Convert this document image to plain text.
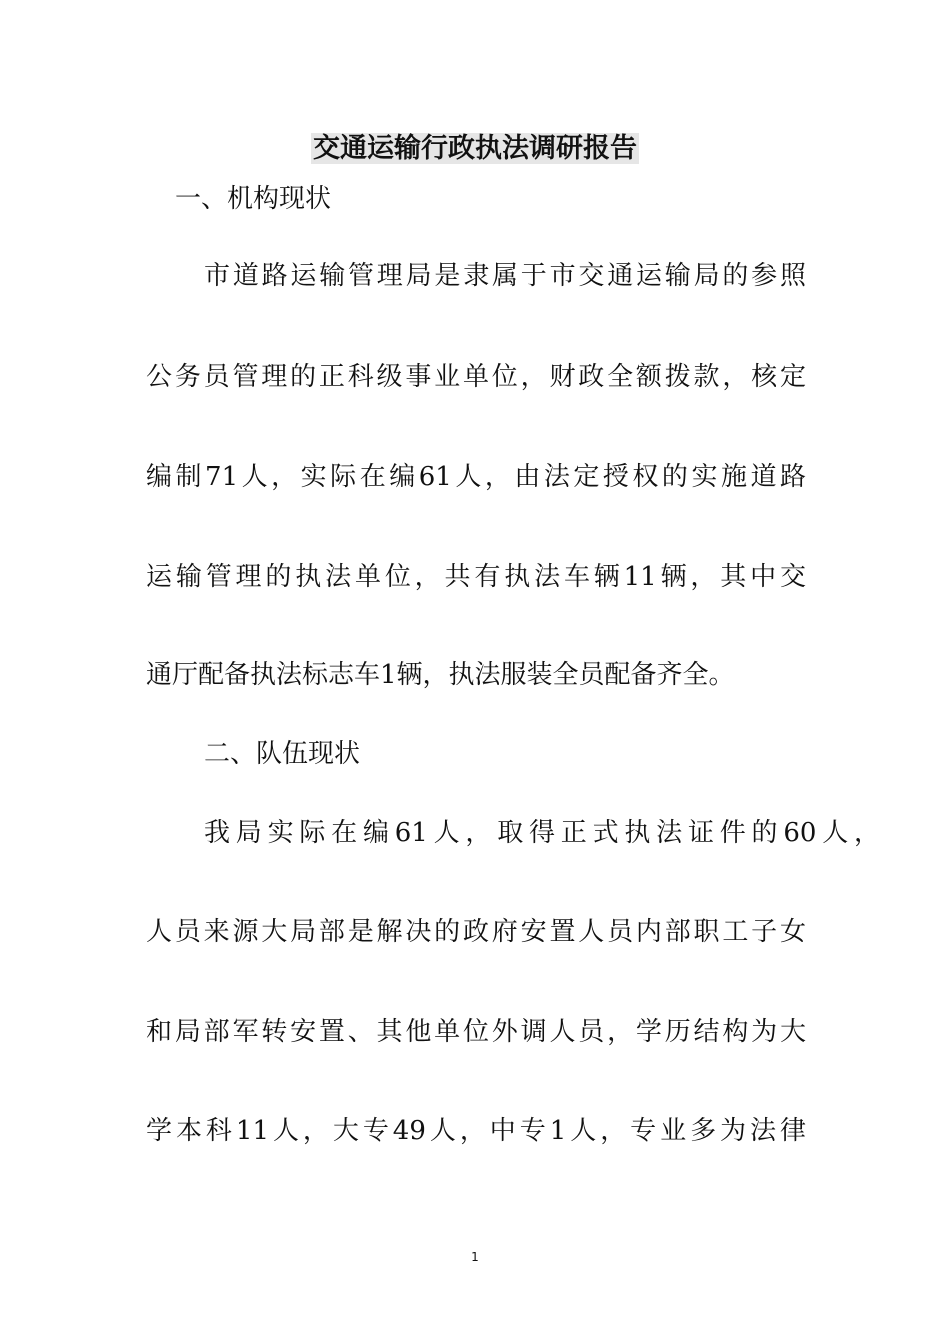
交通运输行政执法调研报告
一、机构现状
市道路运输管理局是隶属于市交通运输局的参照
公务员管理的正科级事业单位，财政全额拨款，核定
编制71人，实际在编61人，由法定授权的实施道路
运输管理的执法单位，共有执法车辆11辆，其中交
通厅配备执法标志车1辆，执法服装全员配备齐全。
二、队伍现状
我局实际在编61人，取得正式执法证件的60人，
人员来源大局部是解决的政府安置人员内部职工子女
和局部军转安置、其他单位外调人员，学历结构为大
学本科11人，大专49人，中专1人，专业多为法律
1
